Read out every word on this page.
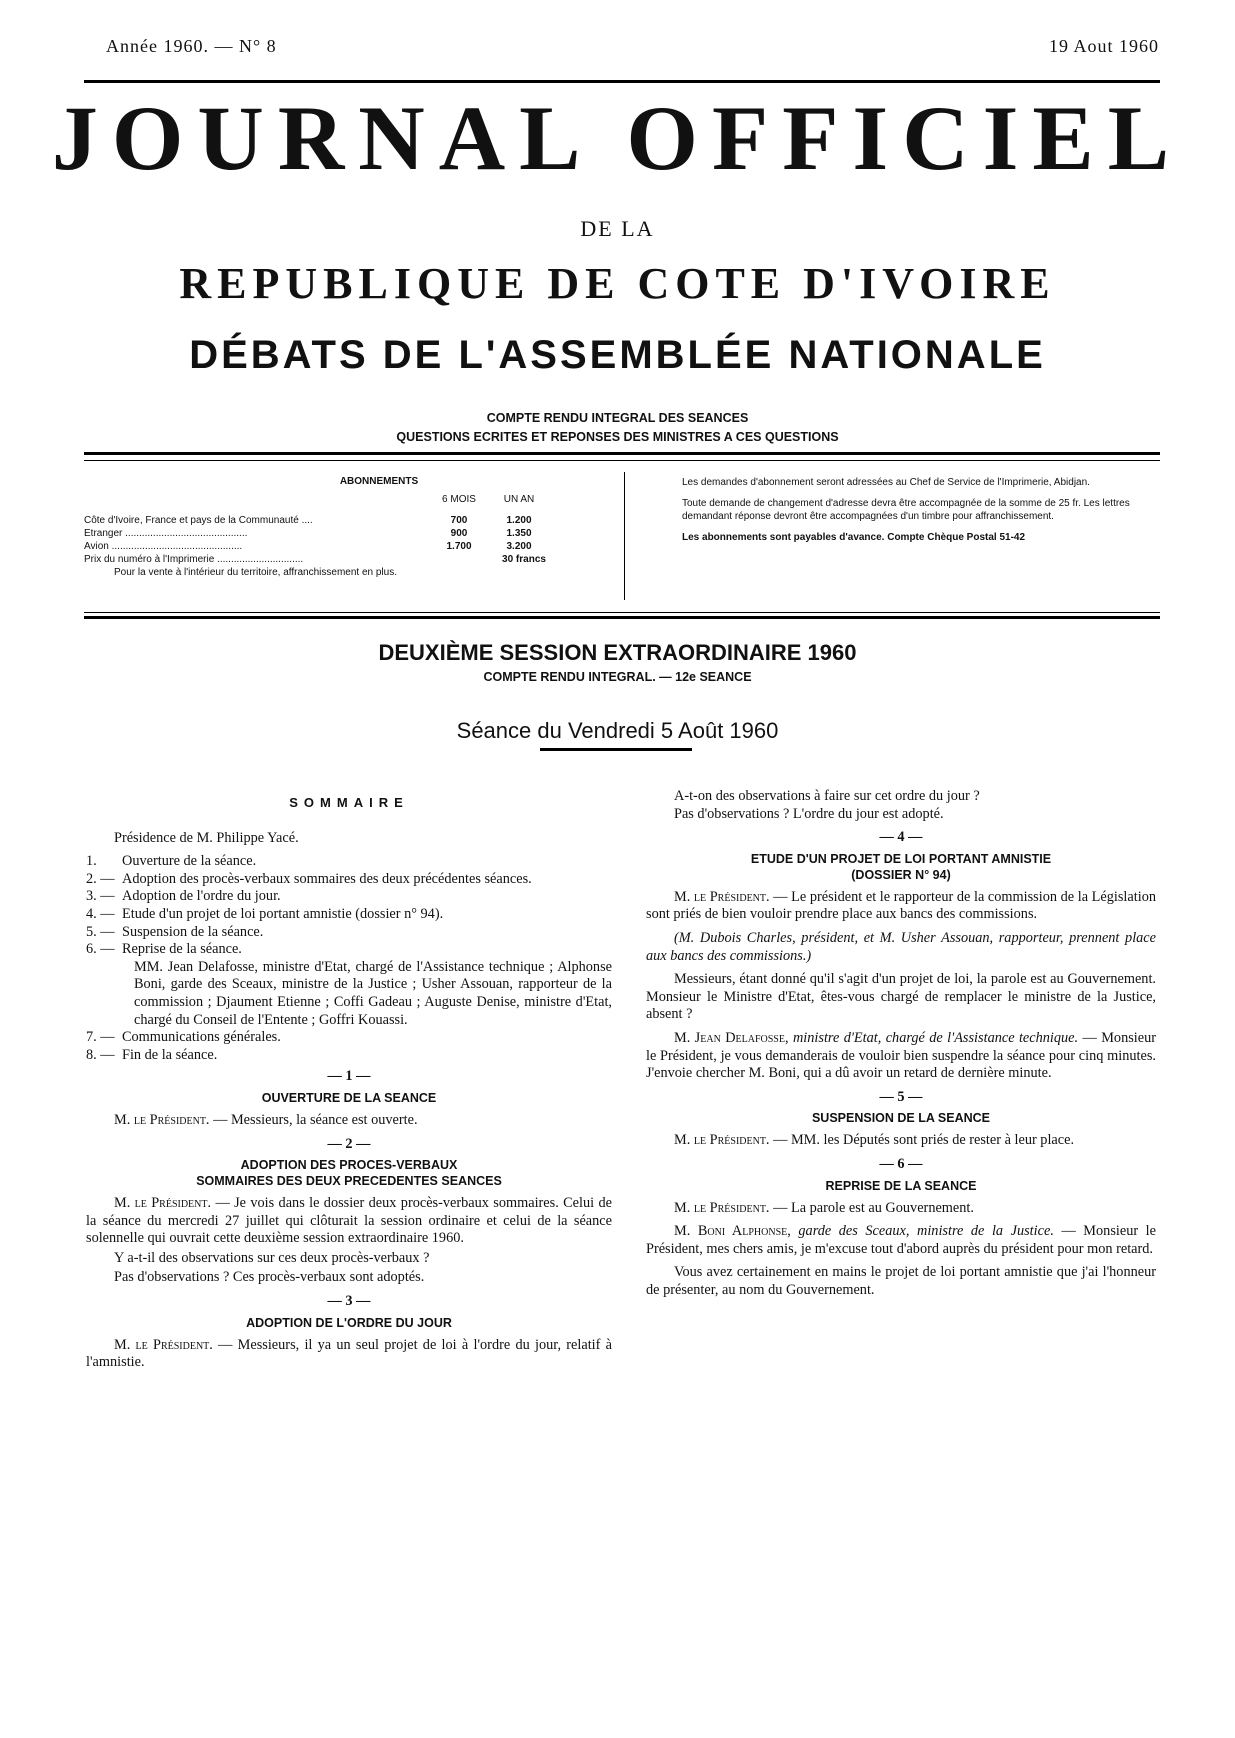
Année 1960. — N° 8	19 Aout 1960
JOURNAL OFFICIEL
DE LA
REPUBLIQUE DE COTE D'IVOIRE
DÉBATS DE L'ASSEMBLÉE NATIONALE
COMPTE RENDU INTEGRAL DES SEANCES
QUESTIONS ECRITES ET REPONSES DES MINISTRES A CES QUESTIONS
ABONNEMENTS
6 MOIS	UN AN
Côte d'Ivoire, France et pays de la Communauté ....	700	1.200
Etranger ............................................	900	1.350
Avion ...............................................	1.700	3.200
Prix du numéro à l'Imprimerie ...............................	30 francs
Pour la vente à l'intérieur du territoire, affranchissement en plus.

Les demandes d'abonnement seront adressées au Chef de Service de l'Imprimerie, Abidjan.

Toute demande de changement d'adresse devra être accompagnée de la somme de 25 fr. Les lettres demandant réponse devront être accompagnées d'un timbre pour affranchissement.

Les abonnements sont payables d'avance. Compte Chèque Postal 51-42

DEUXIÈME SESSION EXTRAORDINAIRE 1960
COMPTE RENDU INTEGRAL. — 12e SEANCE
Séance du Vendredi 5 Août 1960
SOMMAIRE

Présidence de M. Philippe Yacé.

1.	Ouverture de la séance.
2. — Adoption des procès-verbaux sommaires des deux précédentes séances.
3. — Adoption de l'ordre du jour.
4. — Etude d'un projet de loi portant amnistie (dossier n° 94).
5. — Suspension de la séance.
6. — Reprise de la séance.
MM. Jean Delafosse, ministre d'Etat, chargé de l'Assistance technique ; Alphonse Boni, garde des Sceaux, ministre de la Justice ; Usher Assouan, rapporteur de la commission ; Djaument Etienne ; Coffi Gadeau ; Auguste Denise, ministre d'Etat, chargé du Conseil de l'Entente ; Goffri Kouassi.
7. — Communications générales.
8. — Fin de la séance.
— 1 —
OUVERTURE DE LA SEANCE

M. le Président. — Messieurs, la séance est ouverte.

— 2 —
ADOPTION DES PROCES-VERBAUX
SOMMAIRES DES DEUX PRECEDENTES SEANCES

M. le Président. — Je vois dans le dossier deux procès-verbaux sommaires. Celui de la séance du mercredi 27 juillet qui clôturait la session ordinaire et celui de la séance solennelle qui ouvrait cette deuxième session extraordinaire 1960.

Y a-t-il des observations sur ces deux procès-verbaux ?

Pas d'observations ? Ces procès-verbaux sont adoptés.

— 3 —
ADOPTION DE L'ORDRE DU JOUR

M. le Président. — Messieurs, il ya un seul projet de loi à l'ordre du jour, relatif à l'amnistie.

A-t-on des observations à faire sur cet ordre du jour ?

Pas d'observations ? L'ordre du jour est adopté.

— 4 —
ETUDE D'UN PROJET DE LOI PORTANT AMNISTIE
(DOSSIER N° 94)

M. le Président. — Le président et le rapporteur de la commission de la Législation sont priés de bien vouloir prendre place aux bancs des commissions.

(M. Dubois Charles, président, et M. Usher Assouan, rapporteur, prennent place aux bancs des commissions.)

Messieurs, étant donné qu'il s'agit d'un projet de loi, la parole est au Gouvernement. Monsieur le Ministre d'Etat, êtes-vous chargé de remplacer le ministre de la Justice, absent ?

M. Jean Delafosse, ministre d'Etat, chargé de l'Assistance technique. — Monsieur le Président, je vous demanderais de vouloir bien suspendre la séance pour cinq minutes. J'envoie chercher M. Boni, qui a dû avoir un retard de dernière minute.

— 5 —
SUSPENSION DE LA SEANCE

M. le Président. — MM. les Députés sont priés de rester à leur place.

— 6 —
REPRISE DE LA SEANCE

M. le Président. — La parole est au Gouvernement.

M. Boni Alphonse, garde des Sceaux, ministre de la Justice. — Monsieur le Président, mes chers amis, je m'excuse tout d'abord auprès du président pour mon retard.

Vous avez certainement en mains le projet de loi portant amnistie que j'ai l'honneur de présenter, au nom du Gouvernement.
